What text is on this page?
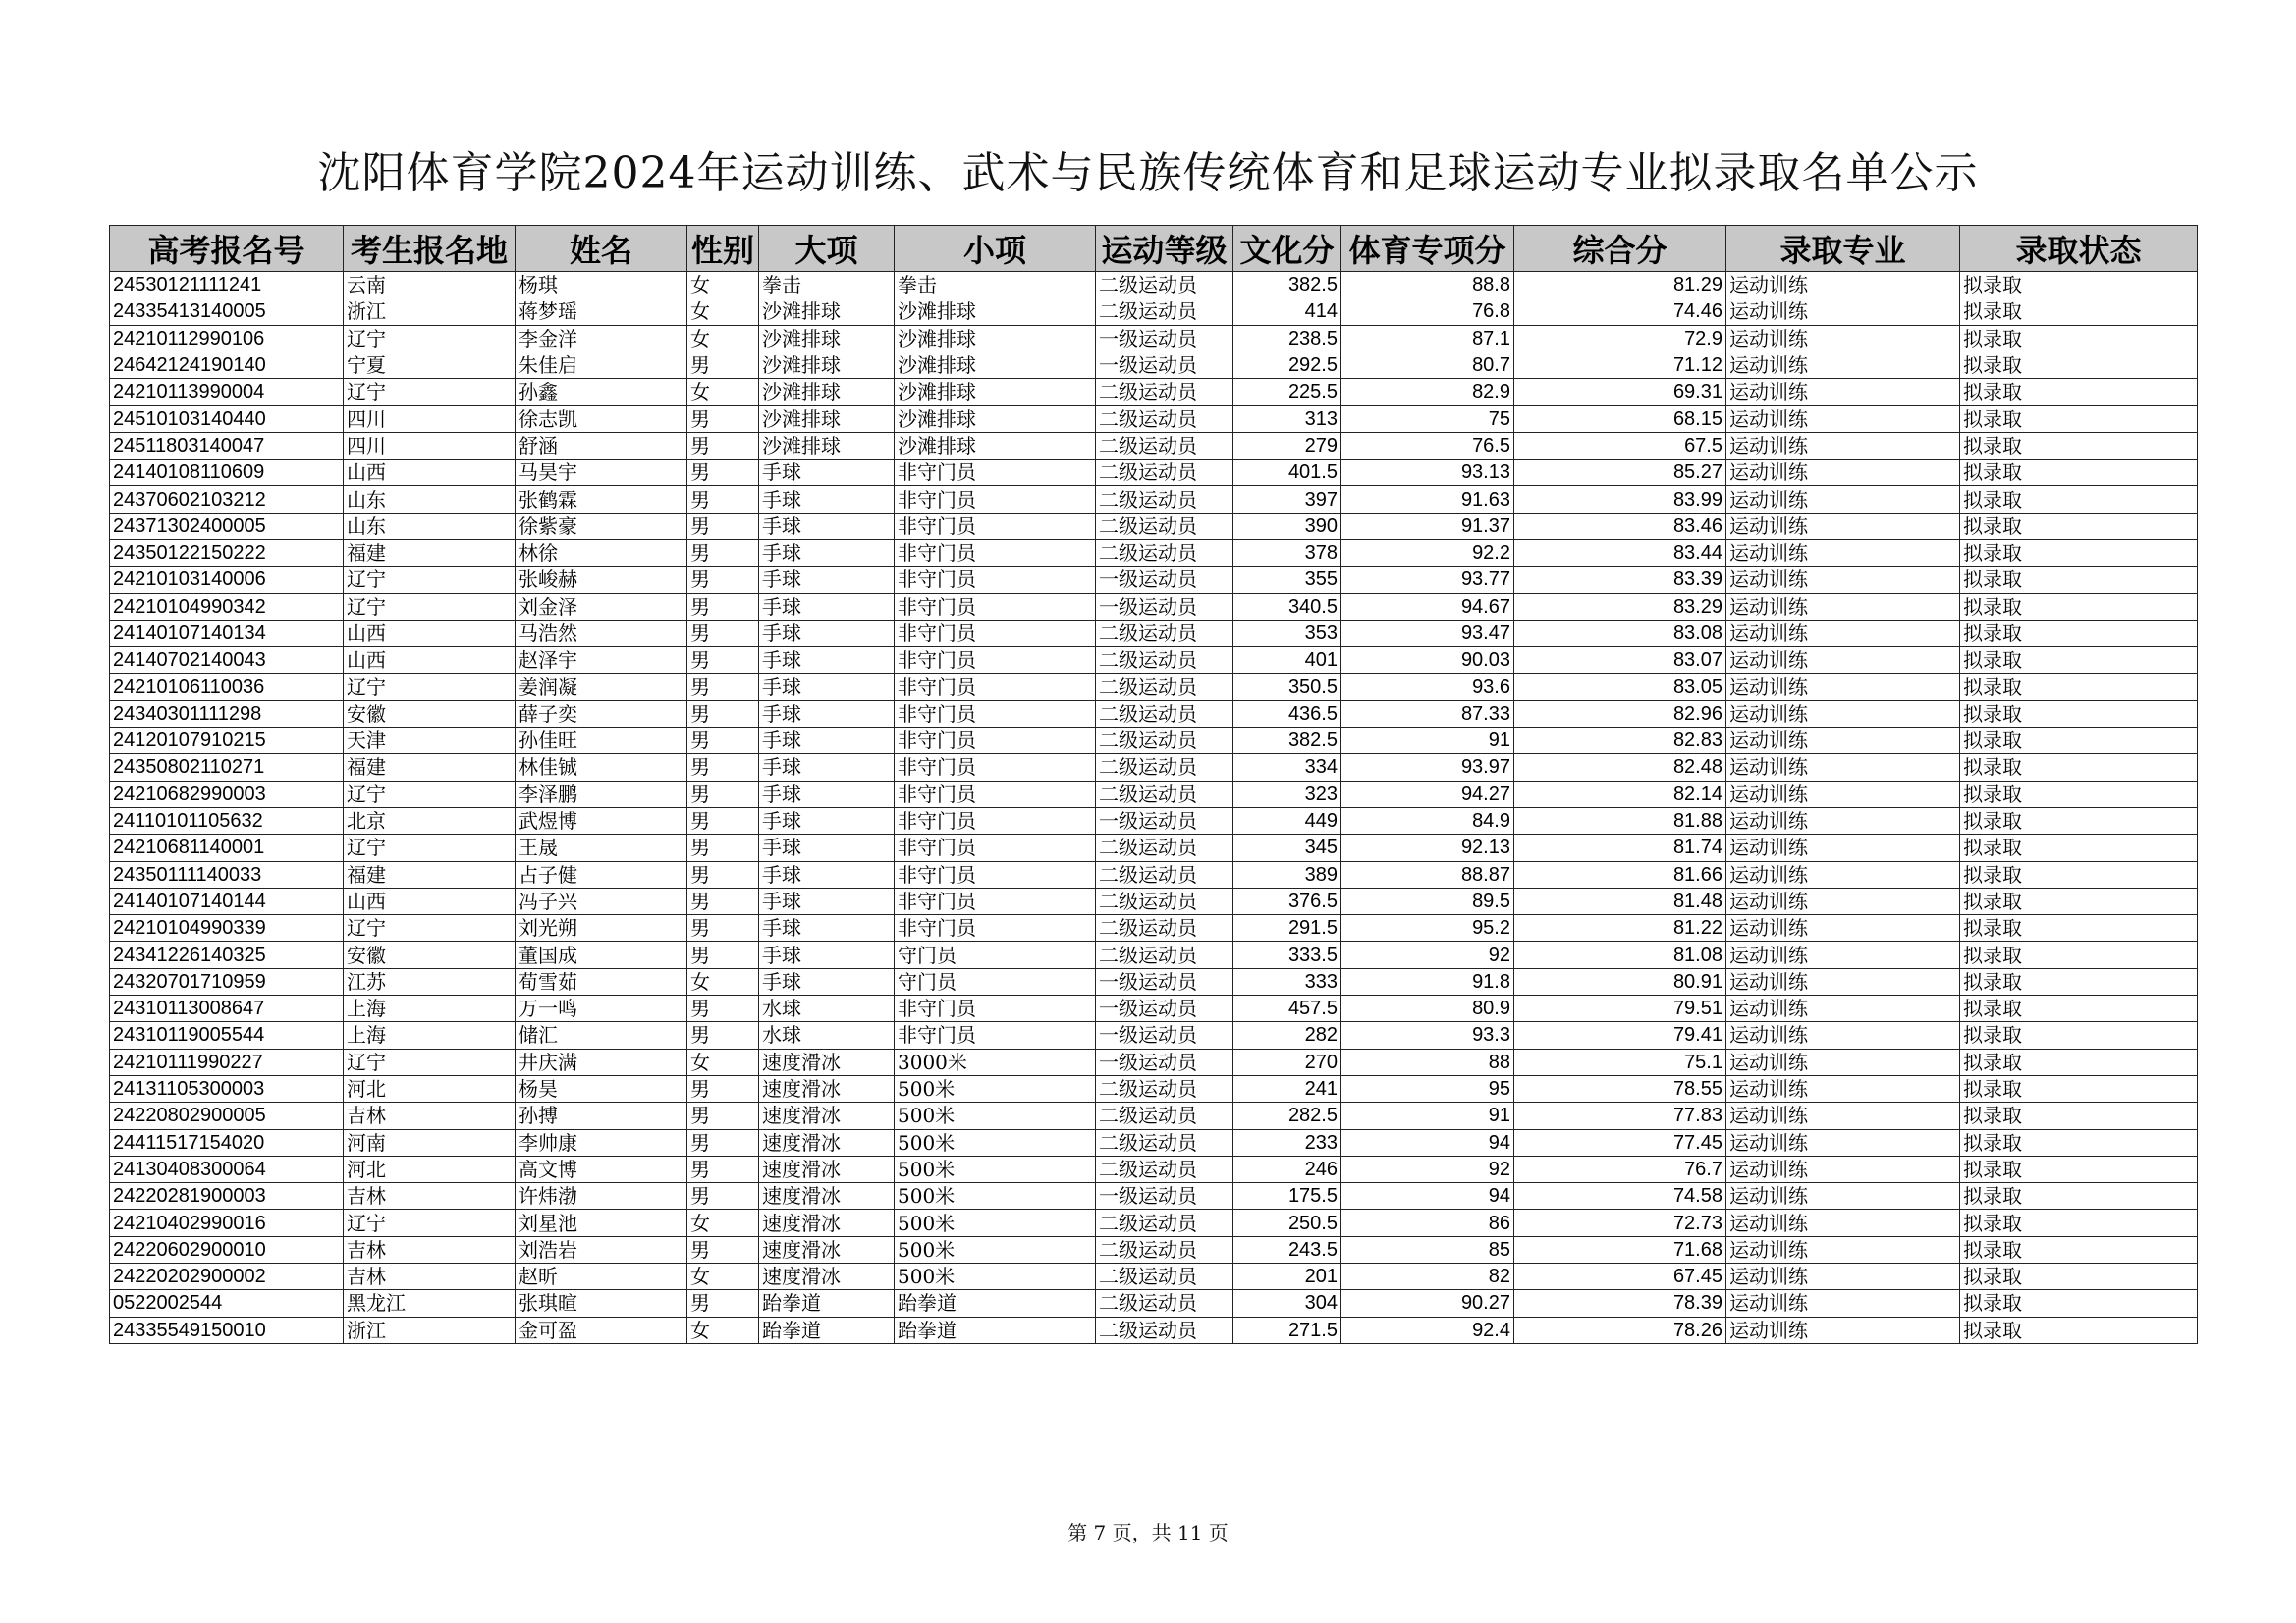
沈阳体育学院2024年运动训练、武术与民族传统体育和足球运动专业拟录取名单公示
高考报名号	考生报名地	姓名	性别	大项	小项	运动等级	文化分	体育专项分	综合分	录取专业	录取状态
24530121111241	云南	杨琪	女	拳击	拳击	二级运动员	382.5	88.8	81.29	运动训练	拟录取
24335413140005	浙江	蒋梦瑶	女	沙滩排球	沙滩排球	二级运动员	414	76.8	74.46	运动训练	拟录取
24210112990106	辽宁	李金洋	女	沙滩排球	沙滩排球	一级运动员	238.5	87.1	72.9	运动训练	拟录取
24642124190140	宁夏	朱佳启	男	沙滩排球	沙滩排球	一级运动员	292.5	80.7	71.12	运动训练	拟录取
24210113990004	辽宁	孙鑫	女	沙滩排球	沙滩排球	二级运动员	225.5	82.9	69.31	运动训练	拟录取
24510103140440	四川	徐志凯	男	沙滩排球	沙滩排球	二级运动员	313	75	68.15	运动训练	拟录取
24511803140047	四川	舒涵	男	沙滩排球	沙滩排球	二级运动员	279	76.5	67.5	运动训练	拟录取
24140108110609	山西	马昊宇	男	手球	非守门员	二级运动员	401.5	93.13	85.27	运动训练	拟录取
24370602103212	山东	张鹤霖	男	手球	非守门员	二级运动员	397	91.63	83.99	运动训练	拟录取
24371302400005	山东	徐紫豪	男	手球	非守门员	二级运动员	390	91.37	83.46	运动训练	拟录取
24350122150222	福建	林徐	男	手球	非守门员	二级运动员	378	92.2	83.44	运动训练	拟录取
24210103140006	辽宁	张峻赫	男	手球	非守门员	一级运动员	355	93.77	83.39	运动训练	拟录取
24210104990342	辽宁	刘金泽	男	手球	非守门员	一级运动员	340.5	94.67	83.29	运动训练	拟录取
24140107140134	山西	马浩然	男	手球	非守门员	二级运动员	353	93.47	83.08	运动训练	拟录取
24140702140043	山西	赵泽宇	男	手球	非守门员	二级运动员	401	90.03	83.07	运动训练	拟录取
24210106110036	辽宁	姜润凝	男	手球	非守门员	二级运动员	350.5	93.6	83.05	运动训练	拟录取
24340301111298	安徽	薛子奕	男	手球	非守门员	二级运动员	436.5	87.33	82.96	运动训练	拟录取
24120107910215	天津	孙佳旺	男	手球	非守门员	二级运动员	382.5	91	82.83	运动训练	拟录取
24350802110271	福建	林佳铖	男	手球	非守门员	二级运动员	334	93.97	82.48	运动训练	拟录取
24210682990003	辽宁	李泽鹏	男	手球	非守门员	二级运动员	323	94.27	82.14	运动训练	拟录取
24110101105632	北京	武煜博	男	手球	非守门员	一级运动员	449	84.9	81.88	运动训练	拟录取
24210681140001	辽宁	王晟	男	手球	非守门员	二级运动员	345	92.13	81.74	运动训练	拟录取
24350111140033	福建	占子健	男	手球	非守门员	二级运动员	389	88.87	81.66	运动训练	拟录取
24140107140144	山西	冯子兴	男	手球	非守门员	二级运动员	376.5	89.5	81.48	运动训练	拟录取
24210104990339	辽宁	刘光朔	男	手球	非守门员	二级运动员	291.5	95.2	81.22	运动训练	拟录取
24341226140325	安徽	董国成	男	手球	守门员	二级运动员	333.5	92	81.08	运动训练	拟录取
24320701710959	江苏	荀雪茹	女	手球	守门员	一级运动员	333	91.8	80.91	运动训练	拟录取
24310113008647	上海	万一鸣	男	水球	非守门员	一级运动员	457.5	80.9	79.51	运动训练	拟录取
24310119005544	上海	储汇	男	水球	非守门员	一级运动员	282	93.3	79.41	运动训练	拟录取
24210111990227	辽宁	井庆满	女	速度滑冰	3000米	一级运动员	270	88	75.1	运动训练	拟录取
24131105300003	河北	杨昊	男	速度滑冰	500米	二级运动员	241	95	78.55	运动训练	拟录取
24220802900005	吉林	孙搏	男	速度滑冰	500米	二级运动员	282.5	91	77.83	运动训练	拟录取
24411517154020	河南	李帅康	男	速度滑冰	500米	二级运动员	233	94	77.45	运动训练	拟录取
24130408300064	河北	高文博	男	速度滑冰	500米	二级运动员	246	92	76.7	运动训练	拟录取
24220281900003	吉林	许炜渤	男	速度滑冰	500米	一级运动员	175.5	94	74.58	运动训练	拟录取
24210402990016	辽宁	刘星池	女	速度滑冰	500米	二级运动员	250.5	86	72.73	运动训练	拟录取
24220602900010	吉林	刘浩岩	男	速度滑冰	500米	二级运动员	243.5	85	71.68	运动训练	拟录取
24220202900002	吉林	赵昕	女	速度滑冰	500米	二级运动员	201	82	67.45	运动训练	拟录取
0522002544	黑龙江	张琪暄	男	跆拳道	跆拳道	二级运动员	304	90.27	78.39	运动训练	拟录取
24335549150010	浙江	金可盈	女	跆拳道	跆拳道	二级运动员	271.5	92.4	78.26	运动训练	拟录取
第 7 页，共 11 页
